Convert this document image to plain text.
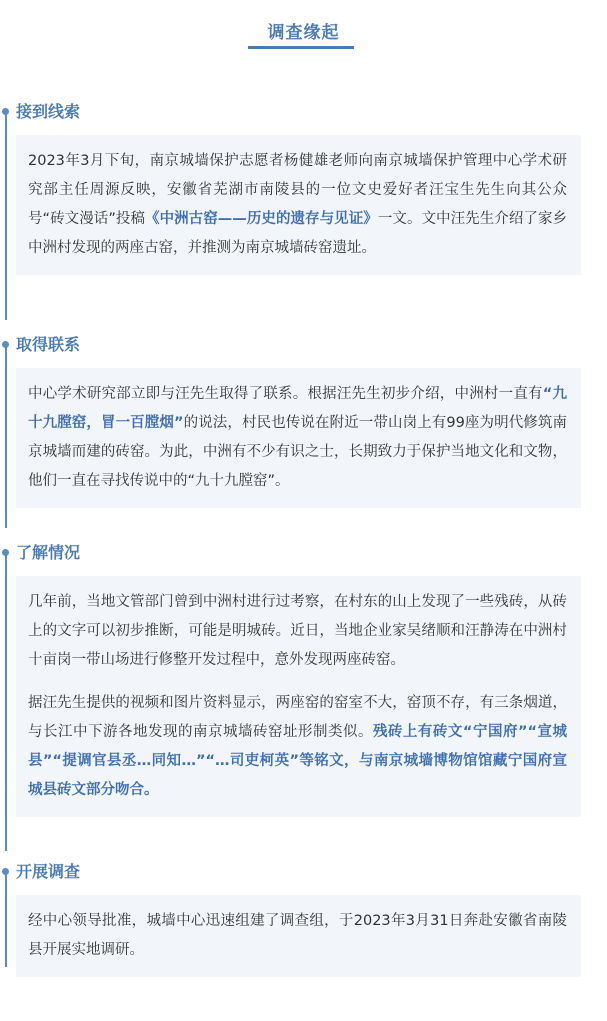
调查缘起
接到线索

2023年3月下旬，南京城墙保护志愿者杨健雄老师向南京城墙保护管理中心学术研究部主任周源反映，安徽省芜湖市南陵县的一位文史爱好者汪宝生先生向其公众号“砖文漫话”投稿《中洲古窑——历史的遗存与见证》一文。文中汪先生介绍了家乡中洲村发现的两座古窑，并推测为南京城墙砖窑遗址。

取得联系

中心学术研究部立即与汪先生取得了联系。根据汪先生初步介绍，中洲村一直有“九十九膛窑，冒一百膛烟”的说法，村民也传说在附近一带山岗上有99座为明代修筑南京城墙而建的砖窑。为此，中洲有不少有识之士，长期致力于保护当地文化和文物，他们一直在寻找传说中的“九十九膛窑”。

了解情况

几年前，当地文管部门曾到中洲村进行过考察，在村东的山上发现了一些残砖，从砖上的文字可以初步推断，可能是明城砖。近日，当地企业家吴绪顺和汪静涛在中洲村十亩岗一带山场进行修整开发过程中，意外发现两座砖窑。

据汪先生提供的视频和图片资料显示，两座窑的窑室不大，窑顶不存，有三条烟道，与长江中下游各地发现的南京城墙砖窑址形制类似。残砖上有砖文“宁国府”“宣城县”“提调官县丞…同知…”“…司吏柯英”等铭文，与南京城墙博物馆馆藏宁国府宣城县砖文部分吻合。

开展调查

经中心领导批准，城墙中心迅速组建了调查组，于2023年3月31日奔赴安徽省南陵县开展实地调研。
